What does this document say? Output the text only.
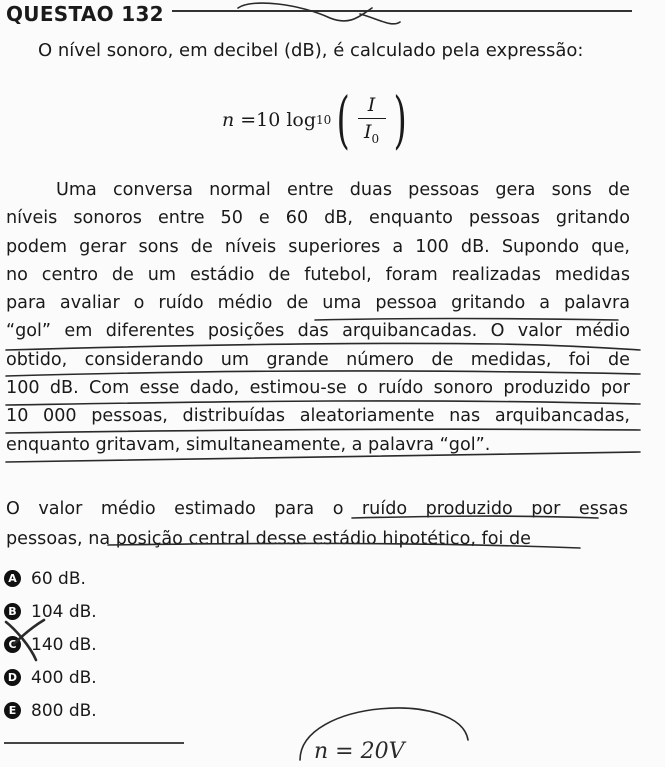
QUESTAO 132
O nível sonoro, em decibel (dB), é calculado pela expressão:
n = 10 log 10 ( $\frac{I}{I_0}$ )
Uma conversa normal entre duas pessoas gera sons de
níveis sonoros entre 50 e 60 dB, enquanto pessoas gritando
podem gerar sons de níveis superiores a 100 dB. Supondo que,
no centro de um estádio de futebol, foram realizadas medidas
para avaliar o ruído médio de uma pessoa gritando a palavra
“gol” em diferentes posições das arquibancadas. O valor médio
obtido, considerando um grande número de medidas, foi de
100 dB. Com esse dado, estimou-se o ruído sonoro produzido por
10 000 pessoas, distribuídas aleatoriamente nas arquibancadas,
enquanto gritavam, simultaneamente, a palavra “gol”.
O valor médio estimado para o ruído produzido por essas
pessoas, na posição central desse estádio hipotético, foi de
A 60 dB.
B 104 dB.
C 140 dB.
D 400 dB.
E 800 dB.
n = 20V
